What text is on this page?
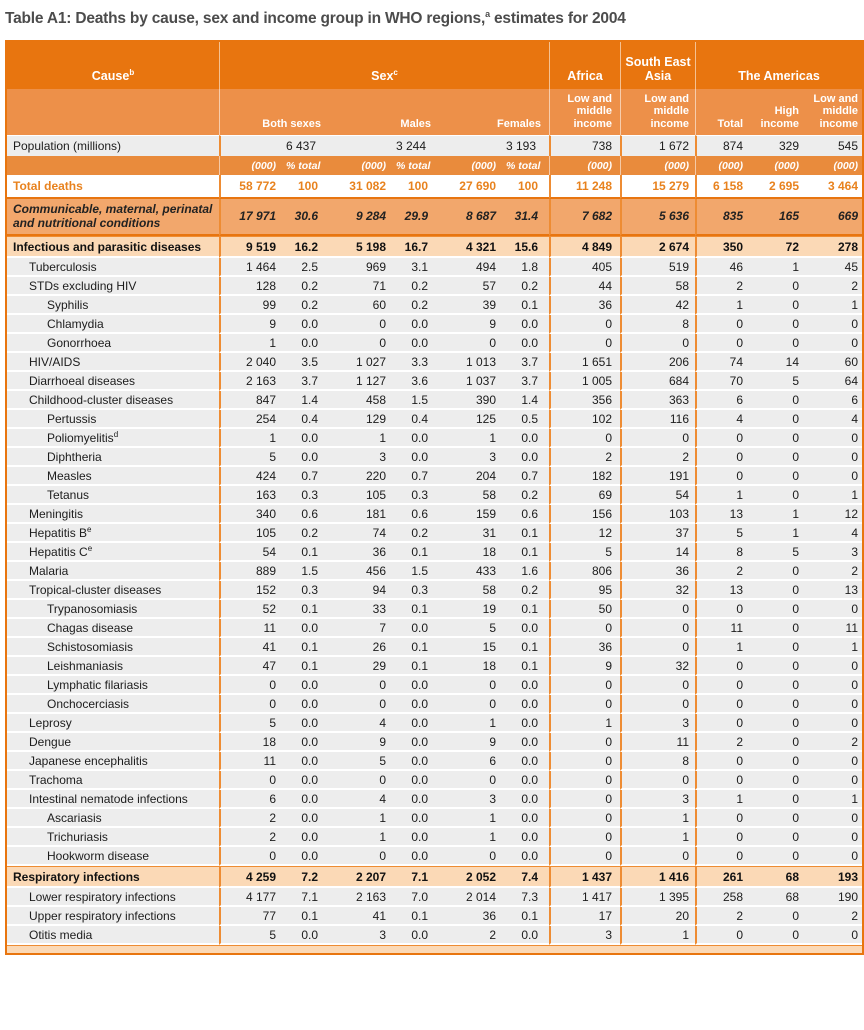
Table A1: Deaths by cause, sex and income group in WHO regions,$^a$ estimates for 2004
Cause$^b$	Sex$^c$						Africa	South East Asia	The Americas		
	Both sexes		Males		Females		Low and middle income	Low and middle income	Total	High income	Low and middle income
Population (millions)	6 437		3 244		3 193		738	1 672	874	329	545
	(000)	% total	(000)	% total	(000)	% total	(000)	(000)	(000)	(000)	(000)
Total deaths	58 772	100	31 082	100	27 690	100	11 248	15 279	6 158	2 695	3 464
Communicable, maternal, perinatal and nutritional conditions	17 971	30.6	9 284	29.9	8 687	31.4	7 682	5 636	835	165	669
Infectious and parasitic diseases	9 519	16.2	5 198	16.7	4 321	15.6	4 849	2 674	350	72	278
Tuberculosis	1 464	2.5	969	3.1	494	1.8	405	519	46	1	45
STDs excluding HIV	128	0.2	71	0.2	57	0.2	44	58	2	0	2
Syphilis	99	0.2	60	0.2	39	0.1	36	42	1	0	1
Chlamydia	9	0.0	0	0.0	9	0.0	0	8	0	0	0
Gonorrhoea	1	0.0	0	0.0	0	0.0	0	0	0	0	0
HIV/AIDS	2 040	3.5	1 027	3.3	1 013	3.7	1 651	206	74	14	60
Diarrhoeal diseases	2 163	3.7	1 127	3.6	1 037	3.7	1 005	684	70	5	64
Childhood-cluster diseases	847	1.4	458	1.5	390	1.4	356	363	6	0	6
Pertussis	254	0.4	129	0.4	125	0.5	102	116	4	0	4
Poliomyelitis$^d$	1	0.0	1	0.0	1	0.0	0	0	0	0	0
Diphtheria	5	0.0	3	0.0	3	0.0	2	2	0	0	0
Measles	424	0.7	220	0.7	204	0.7	182	191	0	0	0
Tetanus	163	0.3	105	0.3	58	0.2	69	54	1	0	1
Meningitis	340	0.6	181	0.6	159	0.6	156	103	13	1	12
Hepatitis $B^e$	105	0.2	74	0.2	31	0.1	12	37	5	1	4
Hepatitis Ce	54	0.1	36	0.1	18	0.1	5	14	8	5	3
Malaria	889	1.5	456	1.5	433	1.6	806	36	2	0	2
Tropical-cluster diseases	152	0.3	94	0.3	58	0.2	95	32	13	0	13
Trypanosomiasis	52	0.1	33	0.1	19	0.1	50	0	0	0	0
Chagas disease	11	0.0	7	0.0	5	0.0	0	0	11	0	11
Schistosomiasis	41	0.1	26	0.1	15	0.1	36	0	1	0	1
Leishmaniasis	47	0.1	29	0.1	18	0.1	9	32	0	0	0
Lymphatic filariasis	0	0.0	0	0.0	0	0.0	0	0	0	0	0
Onchocerciasis	0	0.0	0	0.0	0	0.0	0	0	0	0	0
Leprosy	5	0.0	4	0.0	1	0.0	1	3	0	0	0
Dengue	18	0.0	9	0.0	9	0.0	0	11	2	0	2
Japanese encephalitis	11	0.0	5	0.0	6	0.0	0	8	0	0	0
Trachoma	0	0.0	0	0.0	0	0.0	0	0	0	0	0
Intestinal nematode infections	6	0.0	4	0.0	3	0.0	0	3	1	0	1
Ascariasis	2	0.0	1	0.0	1	0.0	0	1	0	0	0
Trichuriasis	2	0.0	1	0.0	1	0.0	0	1	0	0	0
Hookworm disease	0	0.0	0	0.0	0	0.0	0	0	0	0	0
Respiratory infections	4 259	7.2	2 207	7.1	2 052	7.4	1 437	1 416	261	68	193
Lower respiratory infections	4 177	7.1	2 163	7.0	2 014	7.3	1 417	1 395	258	68	190
Upper respiratory infections	77	0.1	41	0.1	36	0.1	17	20	2	0	2
Otitis media	5	0.0	3	0.0	2	0.0	3	1	0	0	0
